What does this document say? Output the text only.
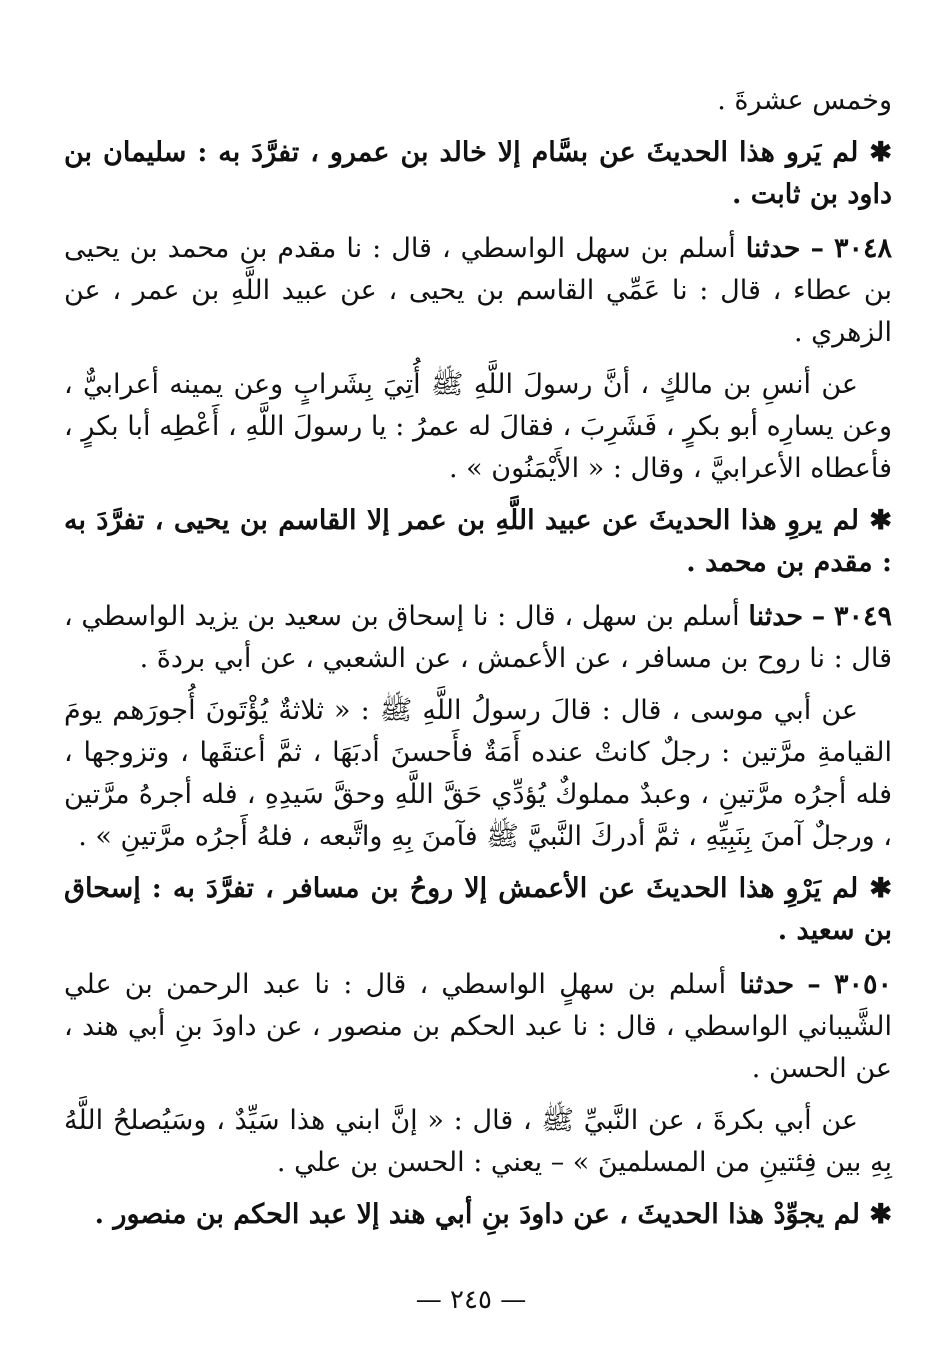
وخمس عشرةَ .
✱ لم يَرو هذا الحديثَ عن بسَّام إلا خالد بن عمرو ، تفرَّدَ به : سليمان بن داود بن ثابت .
٣٠٤٨ – حدثنا أسلم بن سهل الواسطي ، قال : نا مقدم بن محمد بن يحيى بن عطاء ، قال : نا عَمِّي القاسم بن يحيى ، عن عبيد اللَّهِ بن عمر ، عن الزهري .
عن أنسِ بن مالكٍ ، أنَّ رسولَ اللَّهِ ﷺ أُتِيَ بِشَرابٍ وعن يمينه أعرابيٌّ ، وعن يسارِه أبو بكرٍ ، فَشَرِبَ ، فقالَ له عمرُ : يا رسولَ اللَّهِ ، أَعْطِه أبا بكرٍ ، فأعطاه الأعرابيَّ ، وقال : « الأَيْمَنُون » .
✱ لم يروِ هذا الحديثَ عن عبيد اللَّهِ بن عمر إلا القاسم بن يحيى ، تفرَّدَ به : مقدم بن محمد .
٣٠٤٩ – حدثنا أسلم بن سهل ، قال : نا إسحاق بن سعيد بن يزيد الواسطي ، قال : نا روح بن مسافر ، عن الأعمش ، عن الشعبي ، عن أبي بردةَ .
عن أبي موسى ، قال : قالَ رسولُ اللَّهِ ﷺ : « ثلاثةٌ يُؤْتَونَ أُجورَهم يومَ القيامةِ مرَّتين : رجلٌ كانتْ عنده أَمَةٌ فأَحسنَ أدبَهَا ، ثمَّ أعتقَها ، وتزوجها ، فله أجرُه مرَّتينِ ، وعبدٌ مملوكٌ يُؤدِّي حَقَّ اللَّهِ وحقَّ سَيدِهِ ، فله أجرهُ مرَّتين ، ورجلٌ آمنَ بِنَبِيِّهِ ، ثمَّ أدركَ النَّبيَّ ﷺ فآمنَ بِهِ واتَّبعه ، فلهُ أَجرُه مرَّتينِ » .
✱ لم يَرْوِ هذا الحديثَ عن الأعمش إلا روحُ بن مسافر ، تفرَّدَ به : إسحاق بن سعيد .
٣٠٥٠ – حدثنا أسلم بن سهلٍ الواسطي ، قال : نا عبد الرحمن بن علي الشَّيباني الواسطي ، قال : نا عبد الحكم بن منصور ، عن داودَ بنِ أبي هند ، عن الحسن .
عن أبي بكرةَ ، عن النَّبيِّ ﷺ ، قال : « إنَّ ابني هذا سَيِّدٌ ، وسَيُصلحُ اللَّهُ بِهِ بين فِئتينِ من المسلمينَ » – يعني : الحسن بن علي .
✱ لم يجوِّدْ هذا الحديثَ ، عن داودَ بنِ أبي هند إلا عبد الحكم بن منصور .
— ٢٤٥ —
